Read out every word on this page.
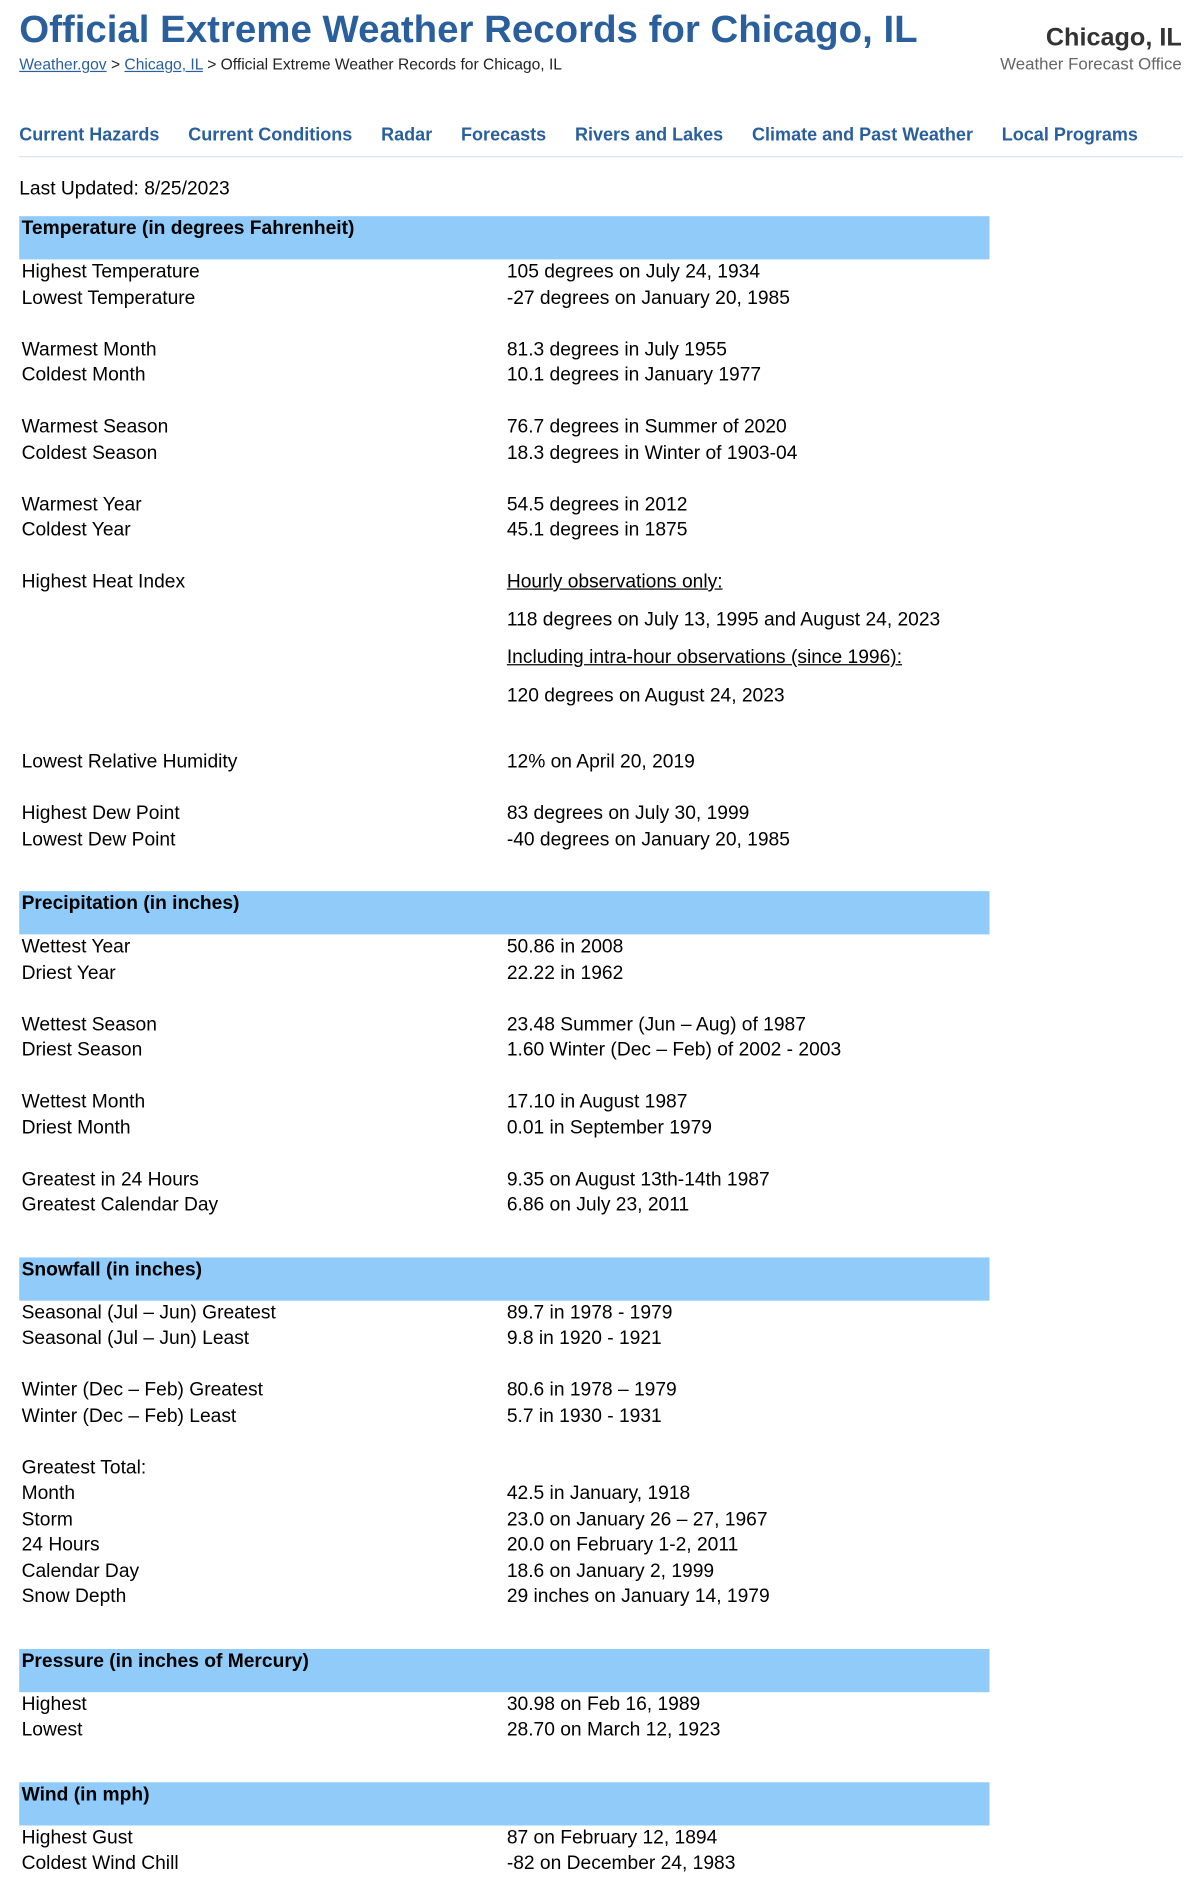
Official Extreme Weather Records for Chicago, IL
Weather.gov > Chicago, IL > Official Extreme Weather Records for Chicago, IL
Chicago, IL
Weather Forecast Office
Current Hazards Current Conditions Radar Forecasts Rivers and Lakes Climate and Past Weather Local Programs
Last Updated: 8/25/2023
Temperature (in degrees Fahrenheit)
Highest Temperature	105 degrees on July 24, 1934
Lowest Temperature	-27 degrees on January 20, 1985
Warmest Month	81.3 degrees in July 1955
Coldest Month	10.1 degrees in January 1977
Warmest Season	76.7 degrees in Summer of 2020
Coldest Season	18.3 degrees in Winter of 1903-04
Warmest Year	54.5 degrees in 2012
Coldest Year	45.1 degrees in 1875
Highest Heat Index	Hourly observations only:
118 degrees on July 13, 1995 and August 24, 2023
Including intra-hour observations (since 1996):
120 degrees on August 24, 2023
Lowest Relative Humidity	12% on April 20, 2019
Highest Dew Point	83 degrees on July 30, 1999
Lowest Dew Point	-40 degrees on January 20, 1985
Precipitation (in inches)
Wettest Year	50.86 in 2008
Driest Year	22.22 in 1962
Wettest Season	23.48 Summer (Jun – Aug) of 1987
Driest Season	1.60 Winter (Dec – Feb) of 2002 - 2003
Wettest Month	17.10 in August 1987
Driest Month	0.01 in September 1979
Greatest in 24 Hours	9.35 on August 13th-14th 1987
Greatest Calendar Day	6.86 on July 23, 2011
Snowfall (in inches)
Seasonal (Jul – Jun) Greatest	89.7 in 1978 - 1979
Seasonal (Jul – Jun) Least	9.8 in 1920 - 1921
Winter (Dec – Feb) Greatest	80.6 in 1978 – 1979
Winter (Dec – Feb) Least	5.7 in 1930 - 1931
Greatest Total:
Month	42.5 in January, 1918
Storm	23.0 on January 26 – 27, 1967
24 Hours	20.0 on February 1-2, 2011
Calendar Day	18.6 on January 2, 1999
Snow Depth	29 inches on January 14, 1979
Pressure (in inches of Mercury)
Highest	30.98 on Feb 16, 1989
Lowest	28.70 on March 12, 1923
Wind (in mph)
Highest Gust	87 on February 12, 1894
Coldest Wind Chill	-82 on December 24, 1983
